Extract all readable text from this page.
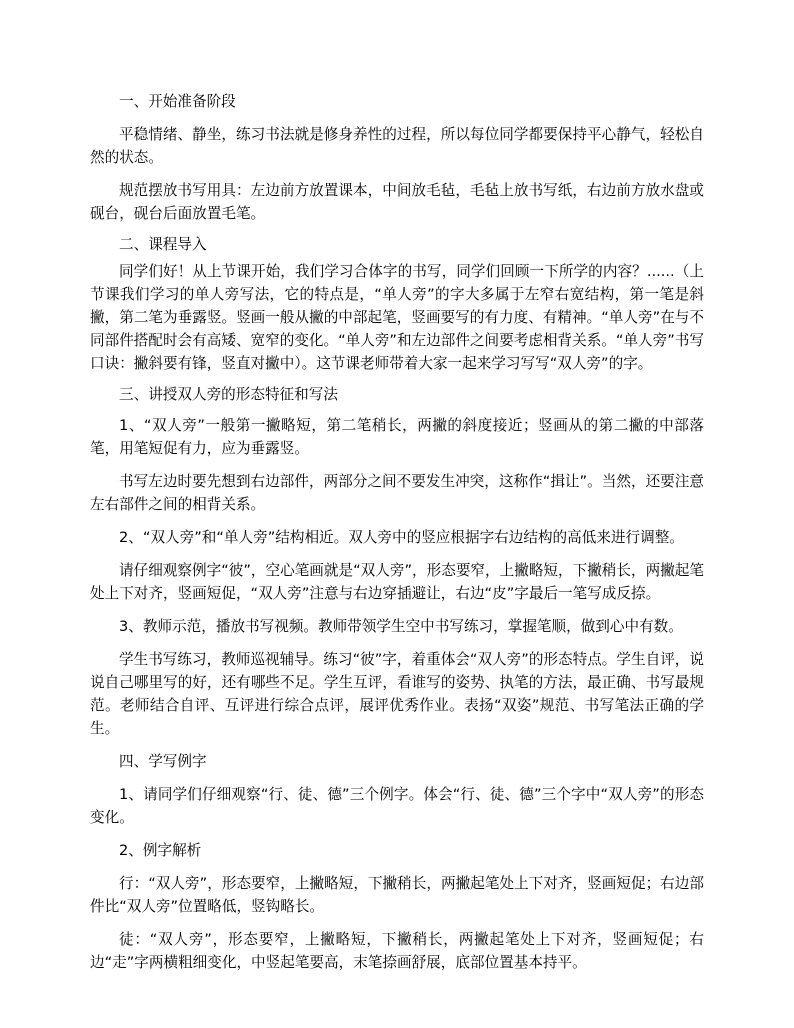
一、开始准备阶段

平稳情绪、静坐，练习书法就是修身养性的过程，所以每位同学都要保持平心静气，轻松自然的状态。

规范摆放书写用具：左边前方放置课本，中间放毛毡，毛毡上放书写纸，右边前方放水盘或砚台，砚台后面放置毛笔。

二、课程导入

同学们好！从上节课开始，我们学习合体字的书写，同学们回顾一下所学的内容？......（上节课我们学习的单人旁写法，它的特点是，“单人旁”的字大多属于左窄右宽结构，第一笔是斜撇，第二笔为垂露竖。竖画一般从撇的中部起笔，竖画要写的有力度、有精神。“单人旁”在与不同部件搭配时会有高矮、宽窄的变化。“单人旁”和左边部件之间要考虑相背关系。“单人旁”书写口诀：撇斜要有锋，竖直对撇中）。这节课老师带着大家一起来学习写写“双人旁”的字。

三、讲授双人旁的形态特征和写法

1、“双人旁”一般第一撇略短，第二笔稍长，两撇的斜度接近；竖画从的第二撇的中部落笔，用笔短促有力，应为垂露竖。

书写左边时要先想到右边部件，两部分之间不要发生冲突，这称作“揖让”。当然，还要注意左右部件之间的相背关系。

2、“双人旁”和“单人旁”结构相近。双人旁中的竖应根据字右边结构的高低来进行调整。

请仔细观察例字“彼”，空心笔画就是“双人旁”，形态要窄，上撇略短，下撇稍长，两撇起笔处上下对齐，竖画短促，“双人旁”注意与右边穿插避让，右边“皮”字最后一笔写成反捺。

3、教师示范，播放书写视频。教师带领学生空中书写练习，掌握笔顺，做到心中有数。

学生书写练习，教师巡视辅导。练习“彼”字，着重体会“双人旁”的形态特点。学生自评，说说自己哪里写的好，还有哪些不足。学生互评，看谁写的姿势、执笔的方法，最正确、书写最规范。老师结合自评、互评进行综合点评，展评优秀作业。表扬“双姿”规范、书写笔法正确的学生。

四、学写例字

1、请同学们仔细观察“行、徒、德”三个例字。体会“行、徒、德”三个字中“双人旁”的形态变化。

2、例字解析

行：“双人旁”，形态要窄，上撇略短，下撇稍长，两撇起笔处上下对齐，竖画短促；右边部件比“双人旁”位置略低，竖钩略长。

徒：“双人旁”，形态要窄，上撇略短，下撇稍长，两撇起笔处上下对齐，竖画短促；右边“走”字两横粗细变化，中竖起笔要高，末笔捺画舒展，底部位置基本持平。
